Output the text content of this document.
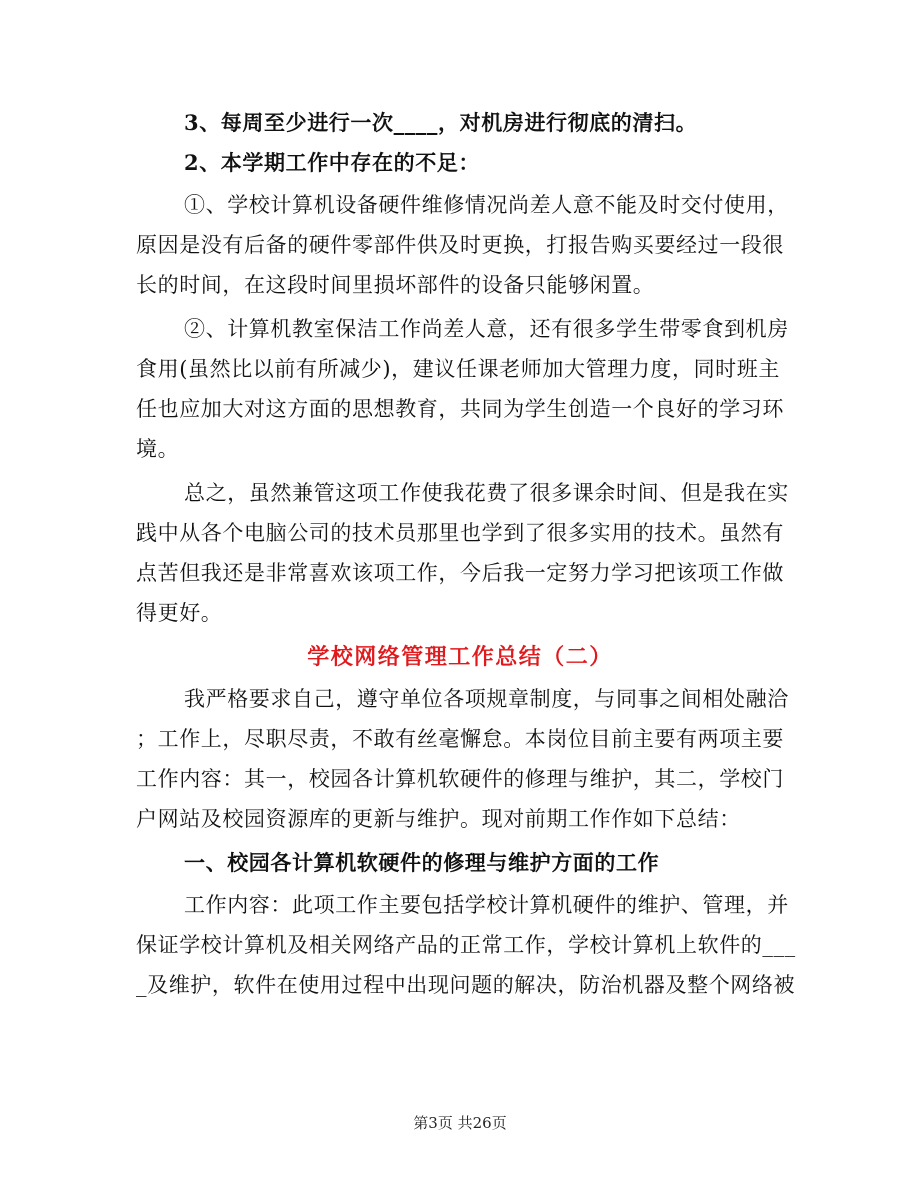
3、每周至少进行一次____，对机房进行彻底的清扫。
2、本学期工作中存在的不足：
①、学校计算机设备硬件维修情况尚差人意不能及时交付使用，
原因是没有后备的硬件零部件供及时更换，打报告购买要经过一段很
长的时间，在这段时间里损坏部件的设备只能够闲置。
②、计算机教室保洁工作尚差人意，还有很多学生带零食到机房
食用(虽然比以前有所减少)，建议任课老师加大管理力度，同时班主
任也应加大对这方面的思想教育，共同为学生创造一个良好的学习环
境。
总之，虽然兼管这项工作使我花费了很多课余时间、但是我在实
践中从各个电脑公司的技术员那里也学到了很多实用的技术。虽然有
点苦但我还是非常喜欢该项工作，今后我一定努力学习把该项工作做
得更好。
学校网络管理工作总结（二）
我严格要求自己，遵守单位各项规章制度，与同事之间相处融洽
；工作上，尽职尽责，不敢有丝毫懈怠。本岗位目前主要有两项主要
工作内容：其一，校园各计算机软硬件的修理与维护，其二，学校门
户网站及校园资源库的更新与维护。现对前期工作作如下总结：
一、校园各计算机软硬件的修理与维护方面的工作
工作内容：此项工作主要包括学校计算机硬件的维护、管理，并
保证学校计算机及相关网络产品的正常工作，学校计算机上软件的___
_及维护，软件在使用过程中出现问题的解决，防治机器及整个网络被
第3页 共26页
